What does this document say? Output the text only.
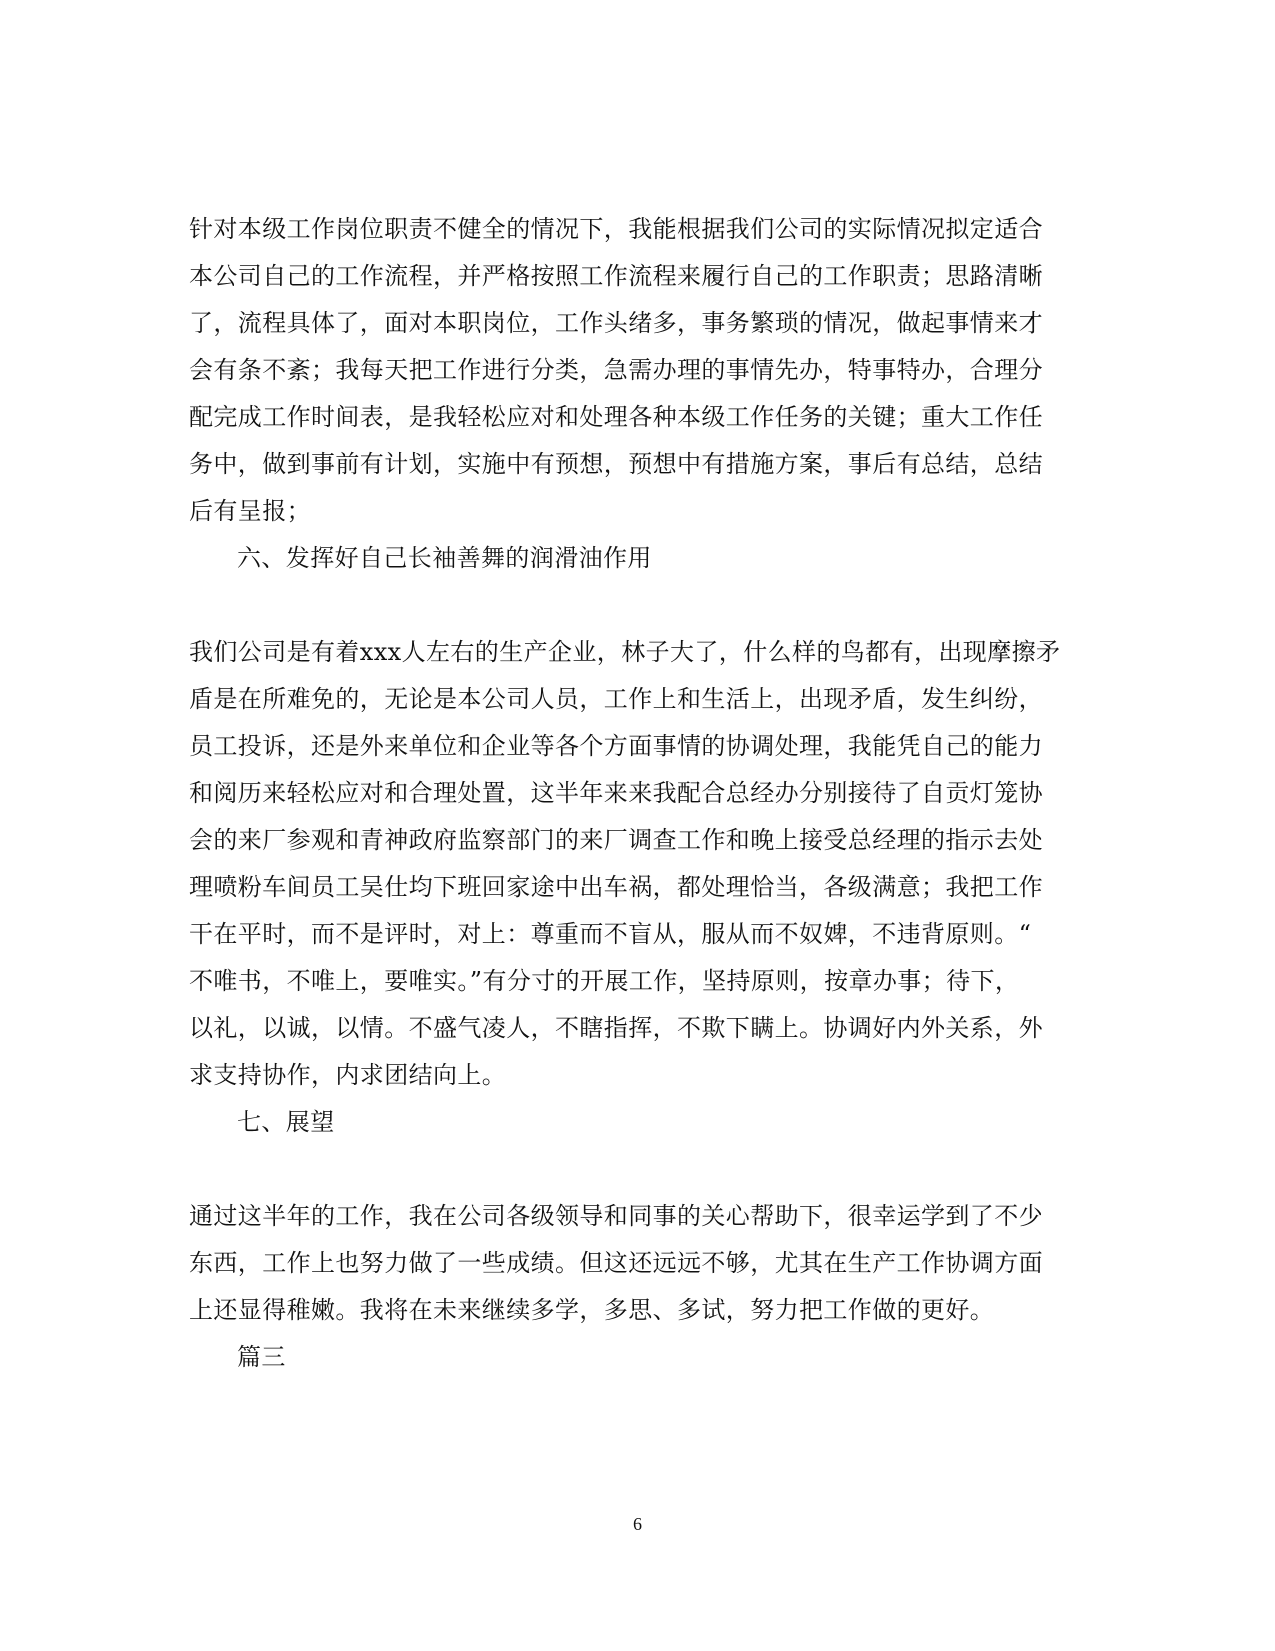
针对本级工作岗位职责不健全的情况下，我能根据我们公司的实际情况拟定适合
本公司自己的工作流程，并严格按照工作流程来履行自己的工作职责；思路清晰
了，流程具体了，面对本职岗位，工作头绪多，事务繁琐的情况，做起事情来才
会有条不紊；我每天把工作进行分类，急需办理的事情先办，特事特办，合理分
配完成工作时间表，是我轻松应对和处理各种本级工作任务的关键；重大工作任
务中，做到事前有计划，实施中有预想，预想中有措施方案，事后有总结，总结
后有呈报；
六、发挥好自己长袖善舞的润滑油作用
我们公司是有着xxx人左右的生产企业，林子大了，什么样的鸟都有，出现摩擦矛
盾是在所难免的，无论是本公司人员，工作上和生活上，出现矛盾，发生纠纷，
员工投诉，还是外来单位和企业等各个方面事情的协调处理，我能凭自己的能力
和阅历来轻松应对和合理处置，这半年来来我配合总经办分别接待了自贡灯笼协
会的来厂参观和青神政府监察部门的来厂调查工作和晚上接受总经理的指示去处
理喷粉车间员工吴仕均下班回家途中出车祸，都处理恰当，各级满意；我把工作
干在平时，而不是评时，对上：尊重而不盲从，服从而不奴婢，不违背原则。“
不唯书，不唯上，要唯实。”有分寸的开展工作，坚持原则，按章办事；待下，
以礼，以诚，以情。不盛气凌人，不瞎指挥，不欺下瞒上。协调好内外关系，外
求支持协作，内求团结向上。
七、展望
通过这半年的工作，我在公司各级领导和同事的关心帮助下，很幸运学到了不少
东西，工作上也努力做了一些成绩。但这还远远不够，尤其在生产工作协调方面
上还显得稚嫩。我将在未来继续多学，多思、多试，努力把工作做的更好。
篇三
6
